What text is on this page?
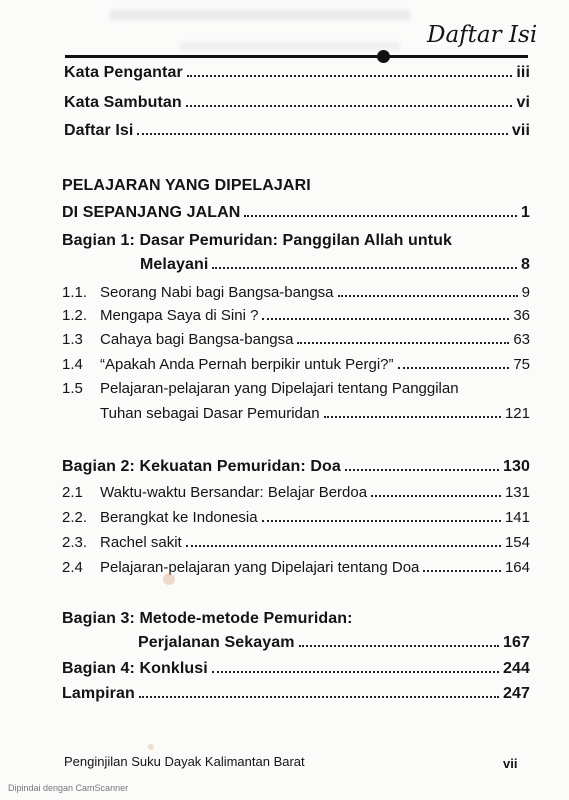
Daftar Isi
Kata Pengantar	iii
Kata Sambutan	vi
Daftar Isi	vii
PELAJARAN YANG DIPELAJARI
DI SEPANJANG JALAN	1
Bagian 1: Dasar Pemuridan: Panggilan Allah untuk
Melayani	8
1.1. Seorang Nabi bagi Bangsa-bangsa	9
1.2. Mengapa Saya di Sini ?	36
1.3	Cahaya bagi Bangsa-bangsa	63
1.4	“Apakah Anda Pernah berpikir untuk Pergi?”	75
1.5	Pelajaran-pelajaran yang Dipelajari tentang Panggilan
Tuhan sebagai Dasar Pemuridan	121
Bagian 2: Kekuatan Pemuridan: Doa	130
2.1	Waktu-waktu Bersandar: Belajar Berdoa	131
2.2. Berangkat ke Indonesia	141
2.3. Rachel sakit	154
2.4	Pelajaran-pelajaran yang Dipelajari tentang Doa	164
Bagian 3: Metode-metode Pemuridan:
Perjalanan Sekayam	167
Bagian 4: Konklusi	244
Lampiran	247
Penginjilan Suku Dayak Kalimantan Barat	vii
Dipindai dengan CamScanner
